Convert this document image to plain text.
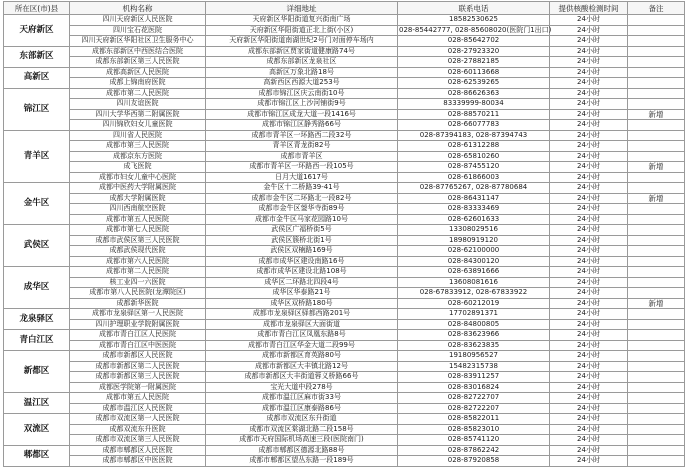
所在区(市)县	机构名称	详细地址	联系电话	提供核酸检测时间	备注
天府新区	四川天府新区人民医院	天府新区华阳街道复兴街南广场	18582530625	24小时	
	四川宝石花医院	天府新区华阳街道正北上街(小区)	028-85442777, 028-85608020(医院门1出口)	24小时	
	四川天府新区华阳社区卫生服务中心	天府新区华阳街道南湖世纪2号门对面停车场内	028-85642702	24小时	
东部新区	成都东部新区中西医结合医院	成都东部新区贾家街道健康路74号	028-27923320	24小时	
	成都东部新区第三人民医院	成都东部新区龙泉社区	028-27882185	24小时	
高新区	成都高新区人民医院	高新区万象北路18号	028-60113668	24小时	
	成都上锦南府医院	高新西区西源大道253号	028-62539265	24小时	
锦江区	成都市第二人民医院	成都市锦江区庆云南街10号	028-86626363	24小时	
	四川友谊医院	成都市锦江区上沙河铺街9号	83339999-80034	24小时	
	四川大学华西第二附属医院	成都市锦江区成龙大道一段1416号	028-88570211	24小时	新增
	四川锦欣妇女儿童医院	成都市锦江区静秀路66号	028-66077783	24小时	
青羊区	四川省人民医院	成都市青羊区一环路西二段32号	028-87394183, 028-87394743	24小时	
	成都市第三人民医院	青羊区青龙街82号	028-61312288	24小时	
	成都京东方医院	成都市青羊区	028-65810260	24小时	
	成飞医院	成都市青羊区一环路西一段105号	028-87455120	24小时	新增
	成都市妇女儿童中心医院	日月大道1617号	028-61866003	24小时	
金牛区	成都中医药大学附属医院	金牛区十二桥路39-41号	028-87765267, 028-87780684	24小时	
	成都大学附属医院	成都市金牛区二环路北一段82号	028-86431147	24小时	新增
	四川西南航空医院	成都市金牛区蓥华寺街89号	028-83333469	24小时	
	成都市第五人民医院	成都市金牛区马家花园路10号	028-62601633	24小时	
武侯区	成都市第七人民医院	武侯区广福桥街5号	13308029516	24小时	
	成都市武侯区第三人民医院	武侯区簇桥北街1号	18980919120	24小时	
	成都武侯现代医院	武侯区双楠路169号	028-62100000	24小时	
	成都市第六人民医院	成都市成华区建设南路16号	028-84300120	24小时	
成华区	成都市第二人民医院	成都市成华区建设北路108号	028-63891666	24小时	
	核工业四一六医院	成华区二环路北四段4号	13608081616	24小时	
	成都市第八人民医院(龙潭院区)	成华区华泰路21号	028-67833912, 028-67833922	24小时	
	成都新华医院	成华区双桥路180号	028-60212019	24小时	新增
龙泉驿区	成都市龙泉驿区第一人民医院	成都市龙泉驿区驿都西路201号	17702891371	24小时	
	四川护理职业学院附属医院	成都市龙泉驿区大面街道	028-84800805	24小时	
青白江区	成都市青白江区人民医院	成都市青白江区凤凰东路8号	028-83623966	24小时	
	成都市青白江区中医医院	成都市青白江区华金大道二段99号	028-83623835	24小时	
新都区	成都市新都区人民医院	成都市新都区育英路80号	19180956527	24小时	
	成都市新都区第二人民医院	成都市新都区大丰镇北路12号	15482315738	24小时	
	成都市新都区第三人民医院	成都市新都区大丰街道蓉义桥路66号	028-83911257	24小时	
	成都医学院第一附属医院	宝光大道中段278号	028-83016824	24小时	
温江区	成都市第五人民医院	成都市温江区麻市街33号	028-82722707	24小时	
	成都市温江区人民医院	成都市温江区康泰路86号	028-82722207	24小时	
双流区	成都市双流区第一人民医院	成都市双流区东升街道	028-85822011	24小时	
	成都双流东升医院	成都市双流区棠湖北路二段158号	028-85823010	24小时	
	成都市双流区第三人民医院	成都市天府国际机场高速三段(医院南门)	028-85741120	24小时	
郫都区	成都市郫都区人民医院	成都市郫都区德源北路88号	028-87862242	24小时	
	成都市郫都区中医医院	成都市郫都区望丛东路一段189号	028-87920858	24小时	
